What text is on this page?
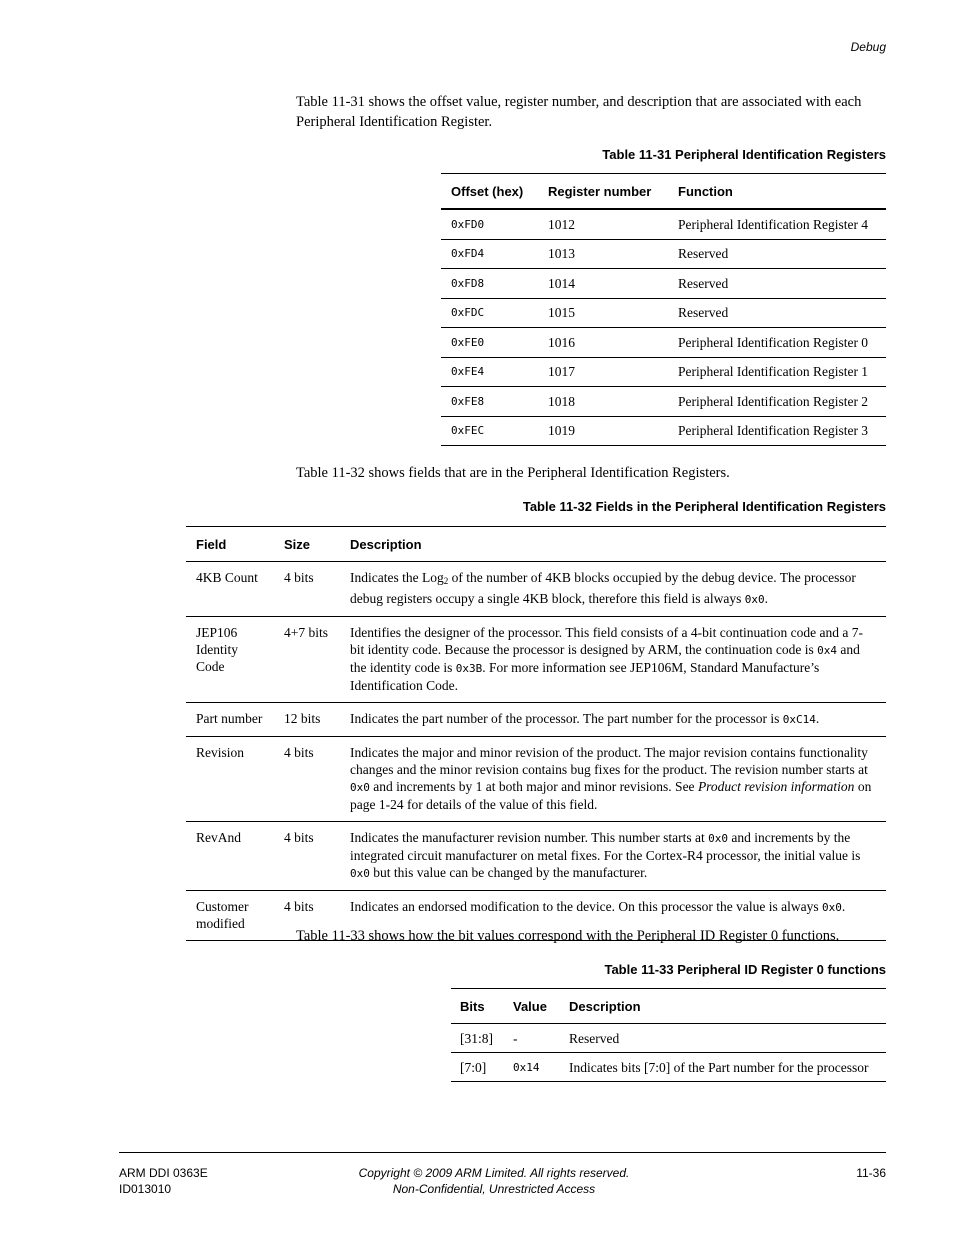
Debug
Table 11-31 shows the offset value, register number, and description that are associated with each Peripheral Identification Register.
Table 11-31 Peripheral Identification Registers
Offset (hex)	Register number	Function
0xFD0	1012	Peripheral Identification Register 4
0xFD4	1013	Reserved
0xFD8	1014	Reserved
0xFDC	1015	Reserved
0xFE0	1016	Peripheral Identification Register 0
0xFE4	1017	Peripheral Identification Register 1
0xFE8	1018	Peripheral Identification Register 2
0xFEC	1019	Peripheral Identification Register 3
Table 11-32 shows fields that are in the Peripheral Identification Registers.
Table 11-32 Fields in the Peripheral Identification Registers
Field	Size	Description
4KB Count	4 bits	Indicates the Log$_2$ of the number of 4KB blocks occupied by the debug device. The processor debug registers occupy a single 4KB block, therefore this field is always 0x0.
JEP106 Identity Code	4+7 bits	Identifies the designer of the processor. This field consists of a 4-bit continuation code and a 7-bit identity code. Because the processor is designed by ARM, the continuation code is 0x4 and the identity code is 0x3B. For more information see JEP106M, Standard Manufacture’s Identification Code.
Part number	12 bits	Indicates the part number of the processor. The part number for the processor is 0xC14.
Revision	4 bits	Indicates the major and minor revision of the product. The major revision contains functionality changes and the minor revision contains bug fixes for the product. The revision number starts at 0x0 and increments by 1 at both major and minor revisions. See Product revision information on page 1-24 for details of the value of this field.
RevAnd	4 bits	Indicates the manufacturer revision number. This number starts at 0x0 and increments by the integrated circuit manufacturer on metal fixes. For the Cortex-R4 processor, the initial value is 0x0 but this value can be changed by the manufacturer.
Customer modified	4 bits	Indicates an endorsed modification to the device. On this processor the value is always 0x0.
Table 11-33 shows how the bit values correspond with the Peripheral ID Register 0 functions.
Table 11-33 Peripheral ID Register 0 functions
Bits	Value	Description
[31:8]	-	Reserved
[7:0]	0x14	Indicates bits [7:0] of the Part number for the processor
ARM DDI 0363E
ID013010
Copyright © 2009 ARM Limited. All rights reserved.
Non-Confidential, Unrestricted Access
11-36
